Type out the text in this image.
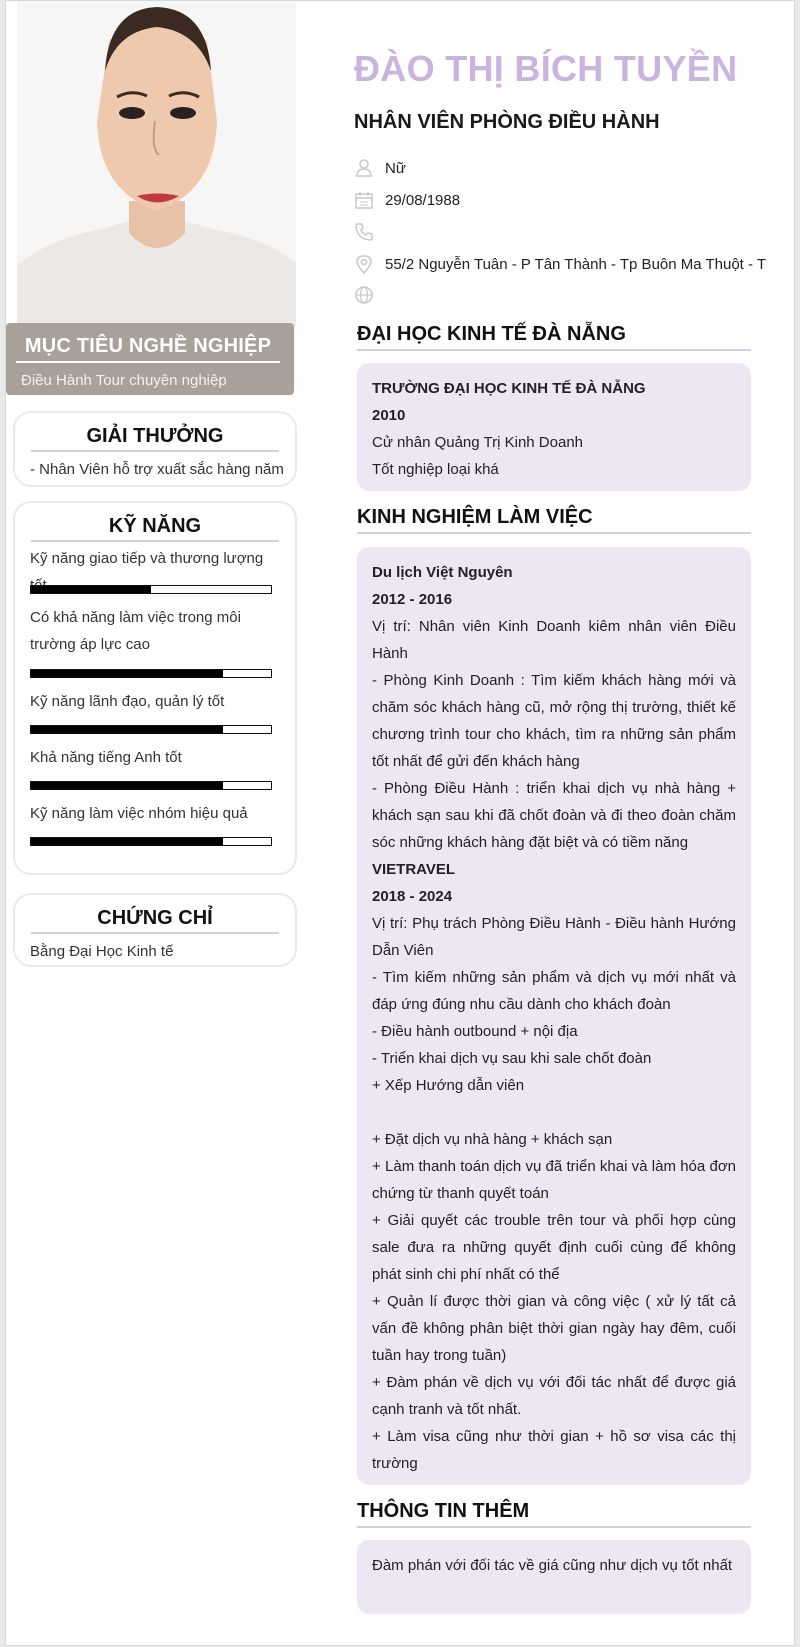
MỤC TIÊU NGHỀ NGHIỆP

Điều Hành Tour chuyên nghiệp

GIẢI THƯỞNG
- Nhân Viên hỗ trợ xuất sắc hàng năm
KỸ NĂNG
Kỹ năng giao tiếp và thương lượng
Có khả năng làm việc trong môi trường áp lực cao
Kỹ năng lãnh đạo, quản lý tốt
Khả năng tiếng Anh tốt
Kỹ năng làm việc nhóm hiệu quả
CHỨNG CHỈ
Bằng Đại Học Kinh tế
ĐÀO THỊ BÍCH TUYỀN
NHÂN VIÊN PHÒNG ĐIỀU HÀNH
Nữ
29/08/1988
55/2 Nguyễn Tuân - P Tân Thành - Tp Buôn Ma Thuột - T
ĐẠI HỌC KINH TẾ ĐÀ NẴNG
TRƯỜNG ĐẠI HỌC KINH TẾ ĐÀ NẴNG
2010
Cử nhân Quảng Trị Kinh Doanh
Tốt nghiệp loại khá
KINH NGHIỆM LÀM VIỆC
Du lịch Việt Nguyên
2012 - 2016
Vị trí: Nhân viên Kinh Doanh kiêm nhân viên Điều Hành
- Phòng Kinh Doanh : Tìm kiếm khách hàng mới và chăm sóc khách hàng cũ, mở rộng thị trường, thiết kế chương trình tour cho khách, tìm ra những sản phẩm tốt nhất để gửi đến khách hàng
- Phòng Điều Hành : triển khai dịch vụ nhà hàng + khách sạn sau khi đã chốt đoàn và đi theo đoàn chăm sóc những khách hàng đặt biệt và có tiềm năng
VIETRAVEL
2018 - 2024
Vị trí: Phụ trách Phòng Điều Hành - Điều hành Hướng Dẫn Viên
- Tìm kiếm những sản phẩm và dịch vụ mới nhất và đáp ứng đúng nhu cầu dành cho khách đoàn
- Điều hành outbound + nội địa
- Triển khai dịch vụ sau khi sale chốt đoàn
+ Xếp Hướng dẫn viên
+ Đặt dịch vụ nhà hàng + khách sạn
+ Làm thanh toán dịch vụ đã triển khai và làm hóa đơn chứng từ thanh quyết toán
+ Giải quyết các trouble trên tour và phối hợp cùng sale đưa ra những quyết định cuối cùng để không phát sinh chi phí nhất có thể
+ Quản lí được thời gian và công việc ( xử lý tất cả vấn đề không phân biệt thời gian ngày hay đêm, cuối tuần hay trong tuần)
+ Đàm phán về dịch vụ với đối tác nhất để được giá cạnh tranh và tốt nhất.
+ Làm visa cũng như thời gian + hồ sơ visa các thị trường
THÔNG TIN THÊM
Đàm phán với đối tác về giá cũng như dịch vụ tốt nhất
